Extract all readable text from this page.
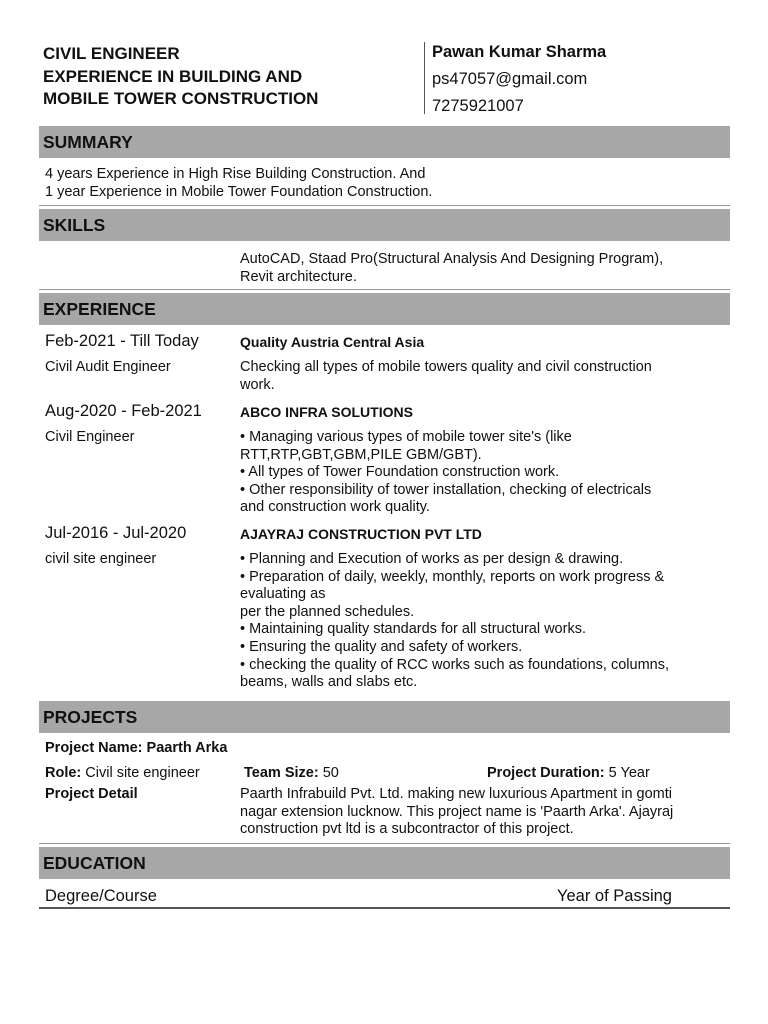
CIVIL ENGINEER
EXPERIENCE IN BUILDING AND
MOBILE TOWER CONSTRUCTION
Pawan Kumar Sharma
ps47057@gmail.com
7275921007
SUMMARY
4 years Experience in High Rise Building Construction. And
1 year Experience in Mobile Tower Foundation Construction.
SKILLS
AutoCAD, Staad Pro(Structural Analysis And Designing Program),
Revit architecture.
EXPERIENCE
Feb-2021 - Till Today	Quality Austria Central Asia
Civil Audit Engineer	Checking all types of mobile towers quality and civil construction
work.
Aug-2020 - Feb-2021	ABCO INFRA SOLUTIONS
Civil Engineer	• Managing various types of mobile tower site's (like
RTT,RTP,GBT,GBM,PILE GBM/GBT).
• All types of Tower Foundation construction work.
• Other responsibility of tower installation, checking of electricals
and construction work quality.
Jul-2016 - Jul-2020	AJAYRAJ CONSTRUCTION PVT LTD
civil site engineer	• Planning and Execution of works as per design & drawing.
• Preparation of daily, weekly, monthly, reports on work progress &
evaluating as
per the planned schedules.
• Maintaining quality standards for all structural works.
• Ensuring the quality and safety of workers.
• checking the quality of RCC works such as foundations, columns,
beams, walls and slabs etc.
PROJECTS
Project Name: Paarth Arka
Role: Civil site engineer	Team Size: 50	Project Duration: 5 Year
Project Detail	Paarth Infrabuild Pvt. Ltd. making new luxurious Apartment in gomti
nagar extension lucknow. This project name is 'Paarth Arka'. Ajayraj
construction pvt ltd is a subcontractor of this project.
EDUCATION
Degree/Course	Year of Passing
